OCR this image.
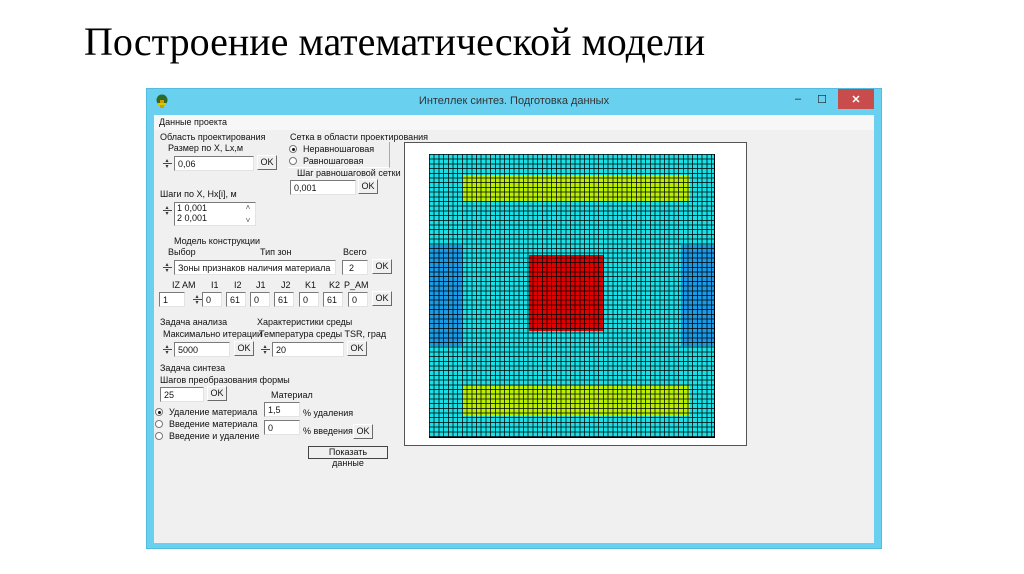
Построение математической модели
Интеллек синтез. Подготовка данных	–	☐	✕
Данные проекта
Область проектирования
Размер по X, Lx,м
▴
▾	0,06	OK
Шаги по X, Hx[i], м
▴
▾
1 0,001
2 0,001
˄
˅
Сетка в области проектирования
Неравношаговая
Равношаговая
Шаг равношаговой сетки
0,001	OK
Модель конструкции
Выбор	Тип зон	Всего
▴
▾	Зоны признаков наличия материала	2	OK
IZ AM I1 I2 J1 J2 K1 K2 P_AM
1	▴
▾ 0	61	0	61	0	61	0	OK
Задача анализа	Характеристики среды
Максимально итерации
Температура среды TSR, град
▴
▾	5000	OK	▴
▾	20	OK
Задача синтеза
Шагов преобразования формы
25	OK	Материал
Удаление материала
Введение материала
Введение и удаление
1,5	% удаления
0	% введения OK
Показать данные
